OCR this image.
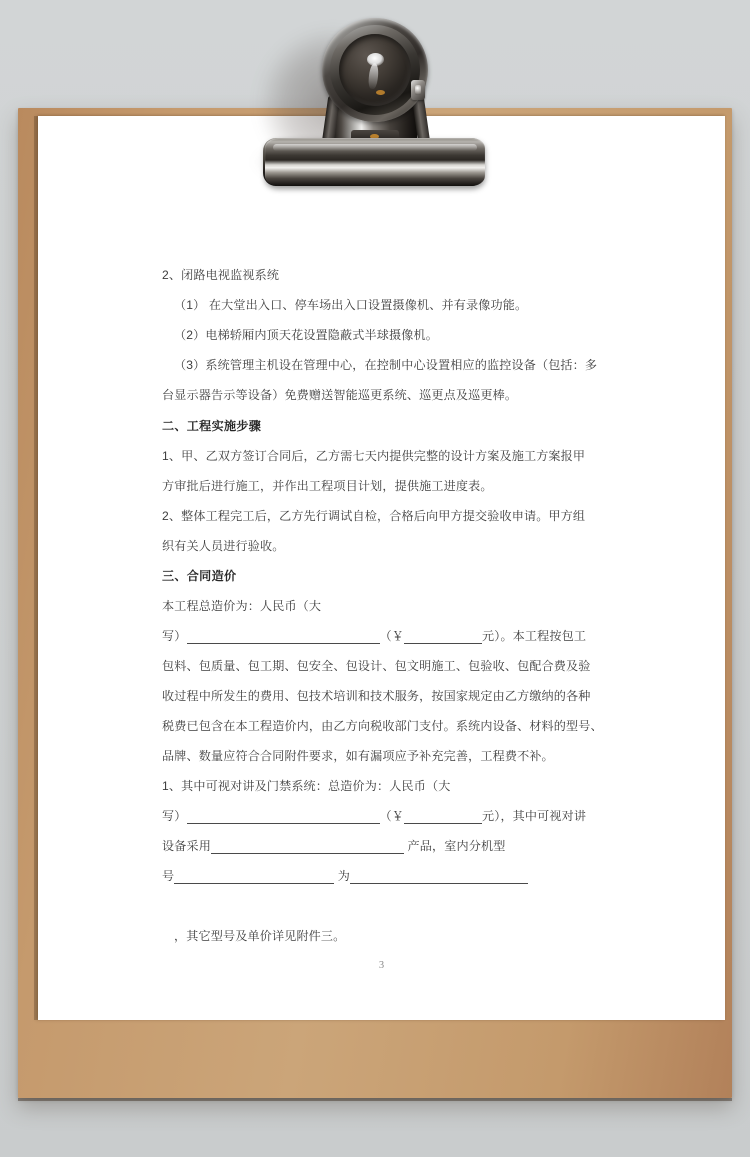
2、闭路电视监视系统
（1） 在大堂出入口、停车场出入口设置摄像机、并有录像功能。
（2）电梯轿厢内顶天花设置隐蔽式半球摄像机。
（3）系统管理主机设在管理中心，在控制中心设置相应的监控设备（包括：多
台显示器告示等设备）免费赠送智能巡更系统、巡更点及巡更棒。
二、工程实施步骤
1、甲、乙双方签订合同后，乙方需七天内提供完整的设计方案及施工方案报甲
方审批后进行施工，并作出工程项目计划，提供施工进度表。
2、整体工程完工后，乙方先行调试自检，合格后向甲方提交验收申请。甲方组
织有关人员进行验收。
三、合同造价
本工程总造价为：人民币（大
写）	（￥	元）。本工程按包工
包料、包质量、包工期、包安全、包设计、包文明施工、包验收、包配合费及验
收过程中所发生的费用、包技术培训和技术服务，按国家规定由乙方缴纳的各种
税费已包含在本工程造价内，由乙方向税收部门支付。系统内设备、材料的型号、
品牌、数量应符合合同附件要求，如有漏项应予补充完善，工程费不补。
1、其中可视对讲及门禁系统：总造价为：人民币（大
写）	（￥	元），其中可视对讲
设备采用	产品，室内分机型
号	为
，其它型号及单价详见附件三。
3
